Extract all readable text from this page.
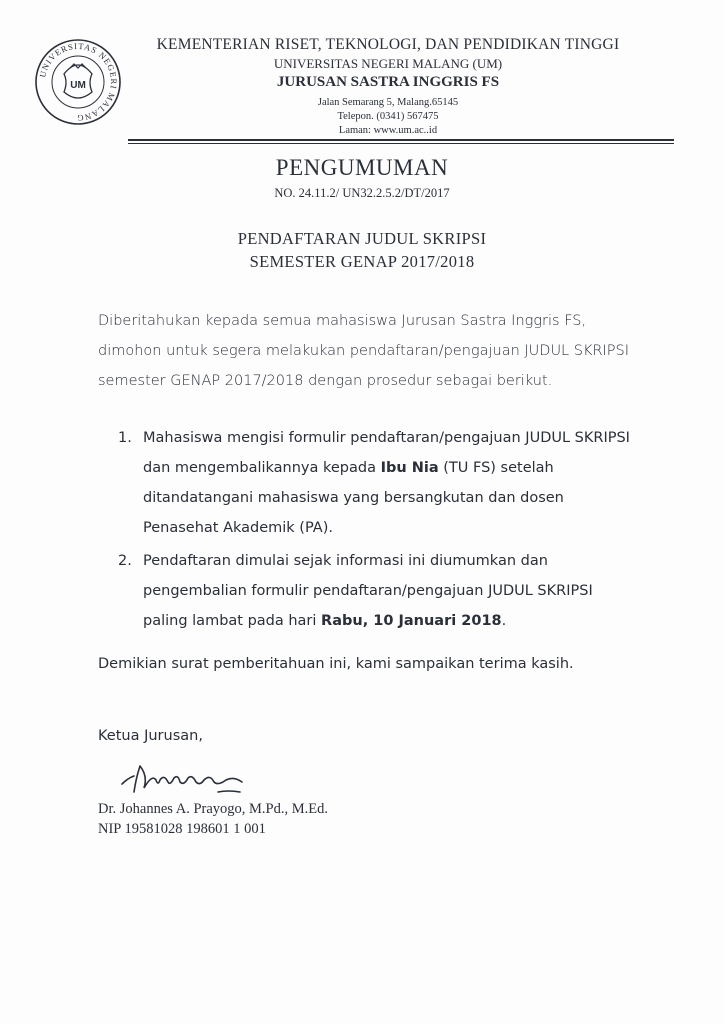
UNIVERSITAS NEGERI MALANG
UM
KEMENTERIAN RISET, TEKNOLOGI, DAN PENDIDIKAN TINGGI
UNIVERSITAS NEGERI MALANG (UM)
JURUSAN SASTRA INGGRIS FS
Jalan Semarang 5, Malang.65145
Telepon. (0341) 567475
Laman: www.um.ac..id
PENGUMUMAN
NO. 24.11.2/ UN32.2.5.2/DT/2017
PENDAFTARAN JUDUL SKRIPSI
SEMESTER GENAP 2017/2018
Diberitahukan kepada semua mahasiswa Jurusan Sastra Inggris FS, dimohon untuk segera melakukan pendaftaran/pengajuan JUDUL SKRIPSI semester GENAP 2017/2018 dengan prosedur sebagai berikut.
1. Mahasiswa mengisi formulir pendaftaran/pengajuan JUDUL SKRIPSI dan mengembalikannya kepada Ibu Nia (TU FS) setelah ditandatangani mahasiswa yang bersangkutan dan dosen Penasehat Akademik (PA).
2. Pendaftaran dimulai sejak informasi ini diumumkan dan pengembalian formulir pendaftaran/pengajuan JUDUL SKRIPSI paling lambat pada hari Rabu, 10 Januari 2018.
Demikian surat pemberitahuan ini, kami sampaikan terima kasih.
Ketua Jurusan,
Dr. Johannes A. Prayogo, M.Pd., M.Ed.
NIP 19581028 198601 1 001
